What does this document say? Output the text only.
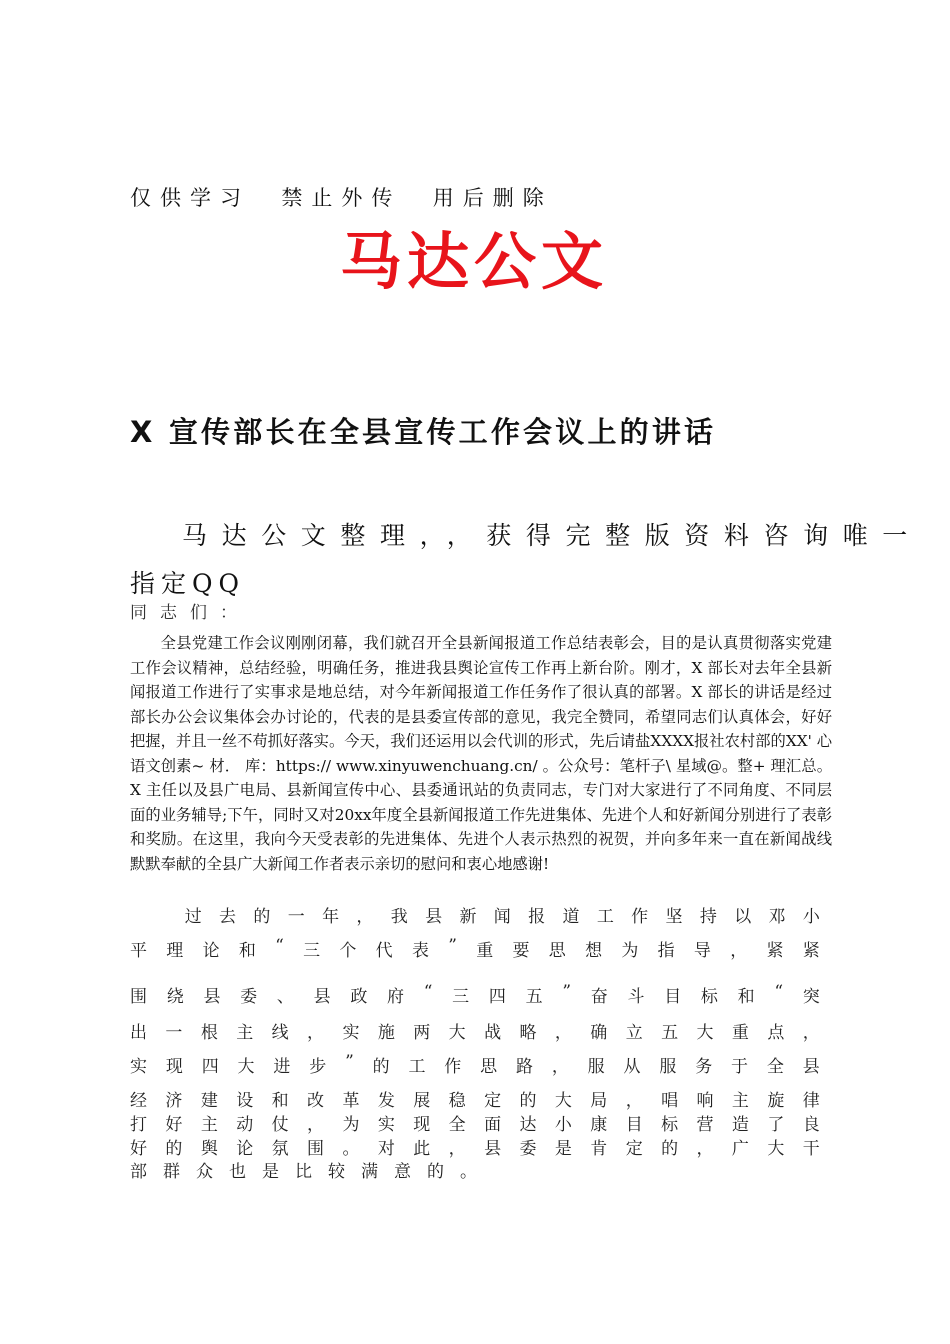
仅供学习  禁止外传  用后删除
马达公文
X 宣传部长在全县宣传工作会议上的讲话
马达公文整理，，获得完整版资料咨询唯一
指定QQ
同志们：
全县党建工作会议刚刚闭幕，我们就召开全县新闻报道工作总结表彰会，目的是认真贯彻落实党建工作会议精神，总结经验，明确任务，推进我县舆论宣传工作再上新台阶。刚才，X 部长对去年全县新闻报道工作进行了实事求是地总结，对今年新闻报道工作任务作了很认真的部署。X 部长的讲话是经过部长办公会议集体会办讨论的，代表的是县委宣传部的意见，我完全赞同，希望同志们认真体会，好好把握，并且一丝不苟抓好落实。今天，我们还运用以会代训的形式，先后请盐XXXX报社农村部的XX' 心语文创素~ 材． 库：https:// www.xinyuwenchuang.cn/ 。公众号：笔杆子\ 星域@。整+ 理汇总。X 主任以及县广电局、县新闻宣传中心、县委通讯站的负责同志，专门对大家进行了不同角度、不同层面的业务辅导;下午，同时又对20xx年度全县新闻报道工作先进集体、先进个人和好新闻分别进行了表彰和奖励。在这里，我向今天受表彰的先进集体、先进个人表示热烈的祝贺，并向多年来一直在新闻战线默默奉献的全县广大新闻工作者表示亲切的慰问和衷心地感谢!

过 去 的 一 年 ， 我 县 新 闻 报 道 工 作 坚 持 以 邓 小
平 理 论 和 “ 三 个 代 表 ” 重 要 思 想 为 指 导 ， 紧 紧
围 绕 县 委 、 县 政 府 “ 三 四 五 ” 奋 斗 目 标 和 “ 突
出 一 根 主 线 ， 实 施 两 大 战 略 ， 确 立 五 大 重 点 ，
实 现 四 大 进 步 ” 的 工 作 思 路 ， 服 从 服 务 于 全 县
经 济 建 设 和 改 革 发 展 稳 定 的 大 局 ， 唱 响 主 旋 律
打 好 主 动 仗 ， 为 实 现 全 面 达 小 康 目 标 营 造 了 良
好 的 舆 论 氛 围 。 对 此 ， 县 委 是 肯 定 的 ， 广 大 干
部 群 众 也 是 比 较 满 意 的 。
